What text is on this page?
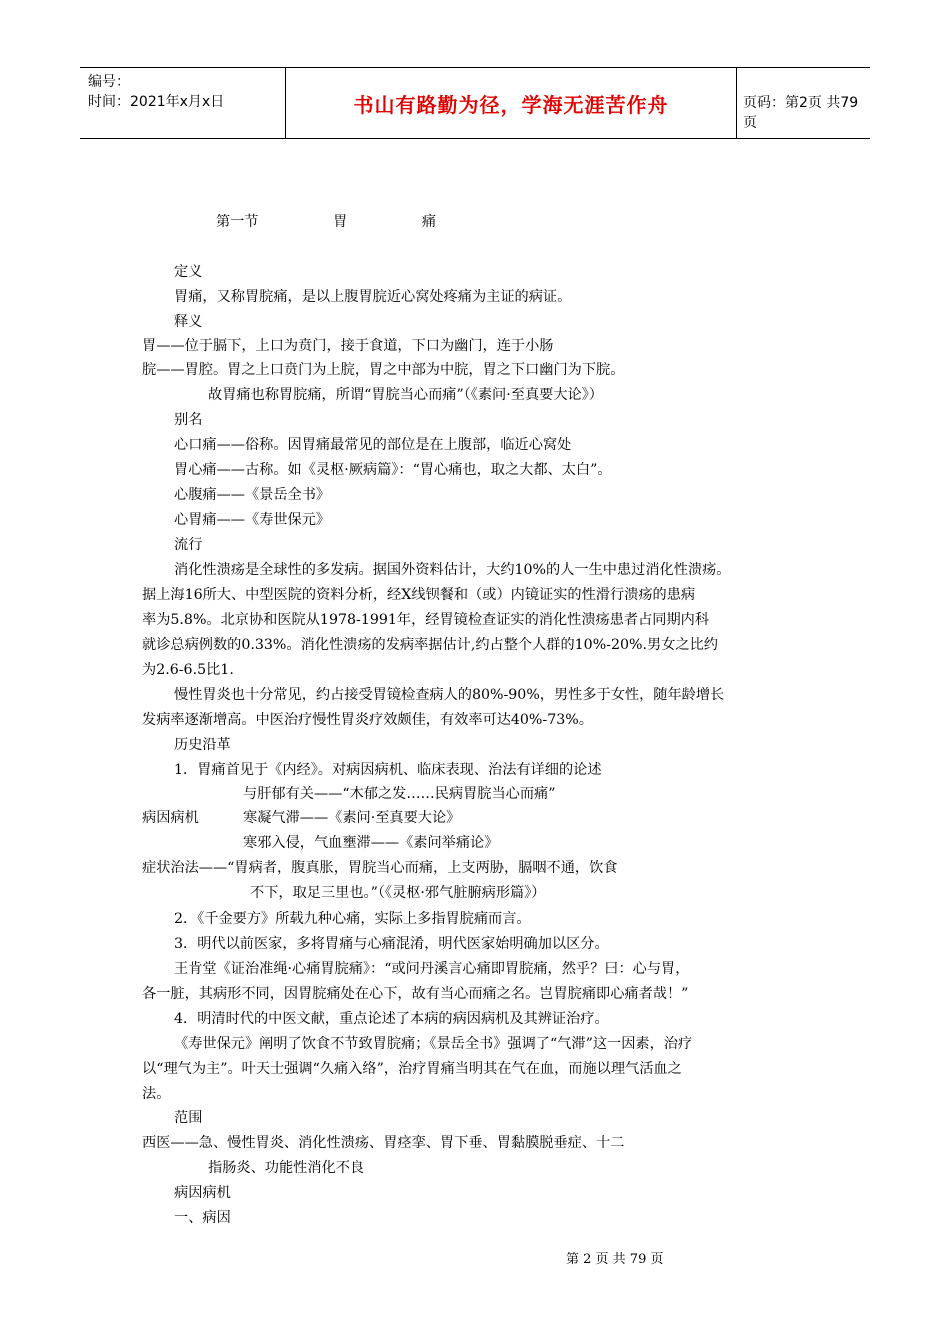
编号：
时间：2021年x月x日	书山有路勤为径，学海无涯苦作舟	页码：第2页 共79页
第一节	胃	痛
定义
胃痛，又称胃脘痛，是以上腹胃脘近心窝处疼痛为主证的病证。
释义
胃——位于膈下，上口为贲门，接于食道，下口为幽门，连于小肠
脘——胃腔。胃之上口贲门为上脘，胃之中部为中脘，胃之下口幽门为下脘。
故胃痛也称胃脘痛，所谓“胃脘当心而痛”（《素问·至真要大论》）
别名
心口痛——俗称。因胃痛最常见的部位是在上腹部，临近心窝处
胃心痛——古称。如《灵枢·厥病篇》：“胃心痛也，取之大都、太白”。
心腹痛——《景岳全书》
心胃痛——《寿世保元》
流行
消化性溃疡是全球性的多发病。据国外资料估计，大约10%的人一生中患过消化性溃疡。
据上海16所大、中型医院的资料分析，经X线钡餐和（或）内镜证实的性滑行溃疡的患病
率为5.8%。北京协和医院从1978-1991年，经胃镜检查证实的消化性溃疡患者占同期内科
就诊总病例数的0.33%。消化性溃疡的发病率据估计,约占整个人群的10%-20%.男女之比约
为2.6-6.5比1.
慢性胃炎也十分常见，约占接受胃镜检查病人的80%-90%，男性多于女性，随年龄增长
发病率逐渐增高。中医治疗慢性胃炎疗效颇佳，有效率可达40%-73%。
历史沿革
1．胃痛首见于《内经》。对病因病机、临床表现、治法有详细的论述
与肝郁有关——“木郁之发……民病胃脘当心而痛”
病因病机	寒凝气滞——《素问·至真要大论》
寒邪入侵，气血壅滞——《素问举痛论》
症状治法——“胃病者，腹真胀，胃脘当心而痛，上支两胁，膈咽不通，饮食
不下，取足三里也。”（《灵枢·邪气脏腑病形篇》）
2．《千金要方》所载九种心痛，实际上多指胃脘痛而言。
3．明代以前医家，多将胃痛与心痛混淆，明代医家始明确加以区分。
王肯堂《证治准绳·心痛胃脘痛》：“或问丹溪言心痛即胃脘痛，然乎？曰：心与胃，
各一脏，其病形不同，因胃脘痛处在心下，故有当心而痛之名。岂胃脘痛即心痛者哉！”
4．明清时代的中医文献，重点论述了本病的病因病机及其辨证治疗。
《寿世保元》阐明了饮食不节致胃脘痛；《景岳全书》强调了“气滞”这一因素，治疗
以“理气为主”。叶天士强调“久痛入络”，治疗胃痛当明其在气在血，而施以理气活血之
法。
范围
西医——急、慢性胃炎、消化性溃疡、胃痉挛、胃下垂、胃黏膜脱垂症、十二
指肠炎、功能性消化不良
病因病机
一、病因
第 2 页 共 79 页
